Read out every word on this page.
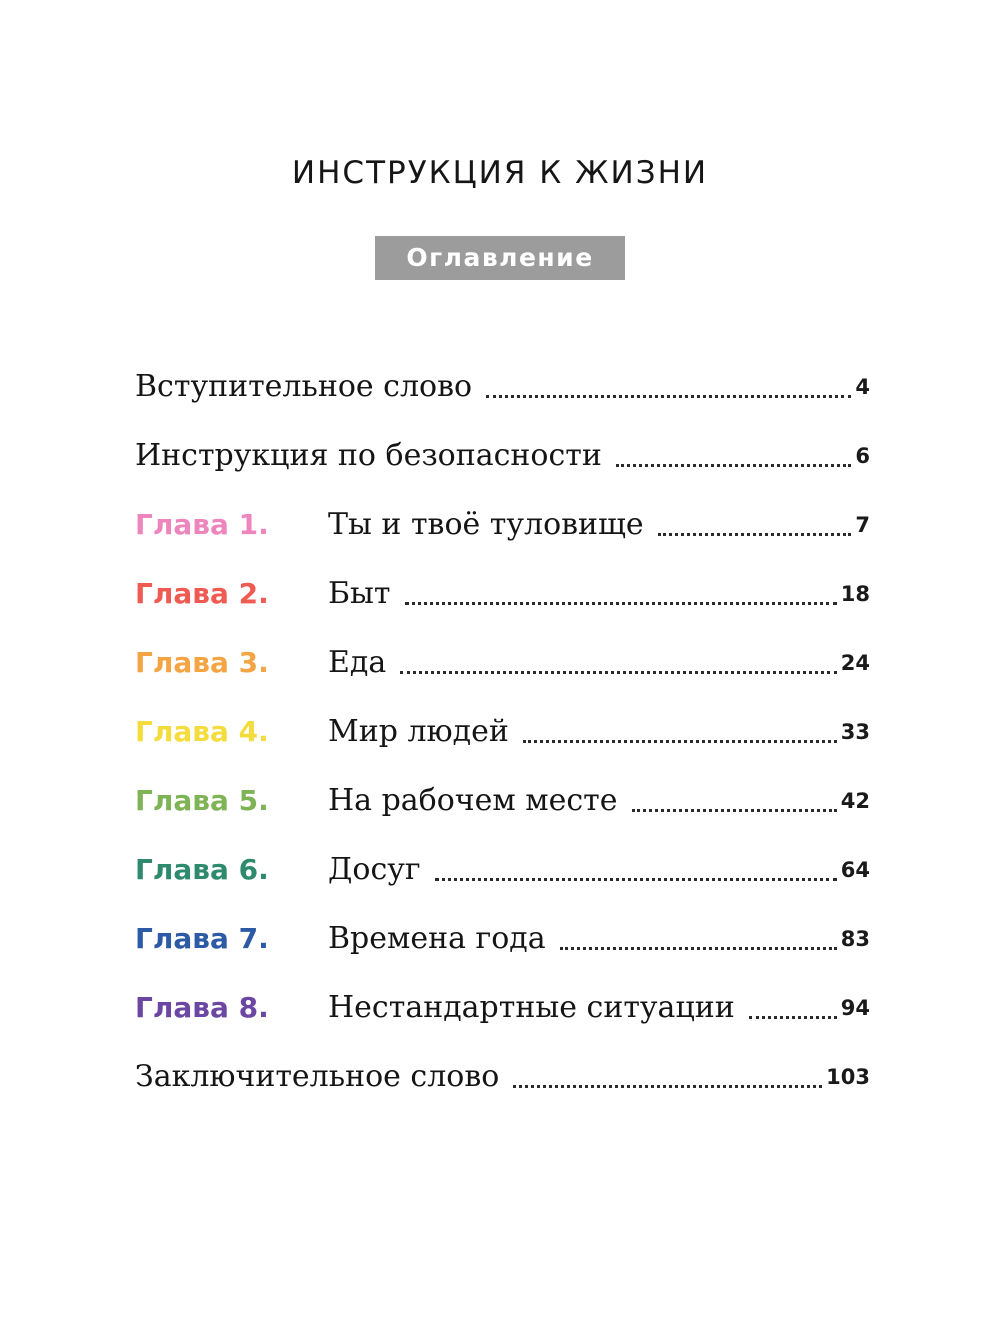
ИНСТРУКЦИЯ К ЖИЗНИ
Оглавление
Вступительное слово	4
Инструкция по безопасности	6
Глава 1.	Ты и твоё туловище	7
Глава 2.	Быт	18
Глава 3.	Еда	24
Глава 4.	Мир людей	33
Глава 5.	На рабочем месте	42
Глава 6.	Досуг	64
Глава 7.	Времена года	83
Глава 8.	Нестандартные ситуации	94
Заключительное слово	103
